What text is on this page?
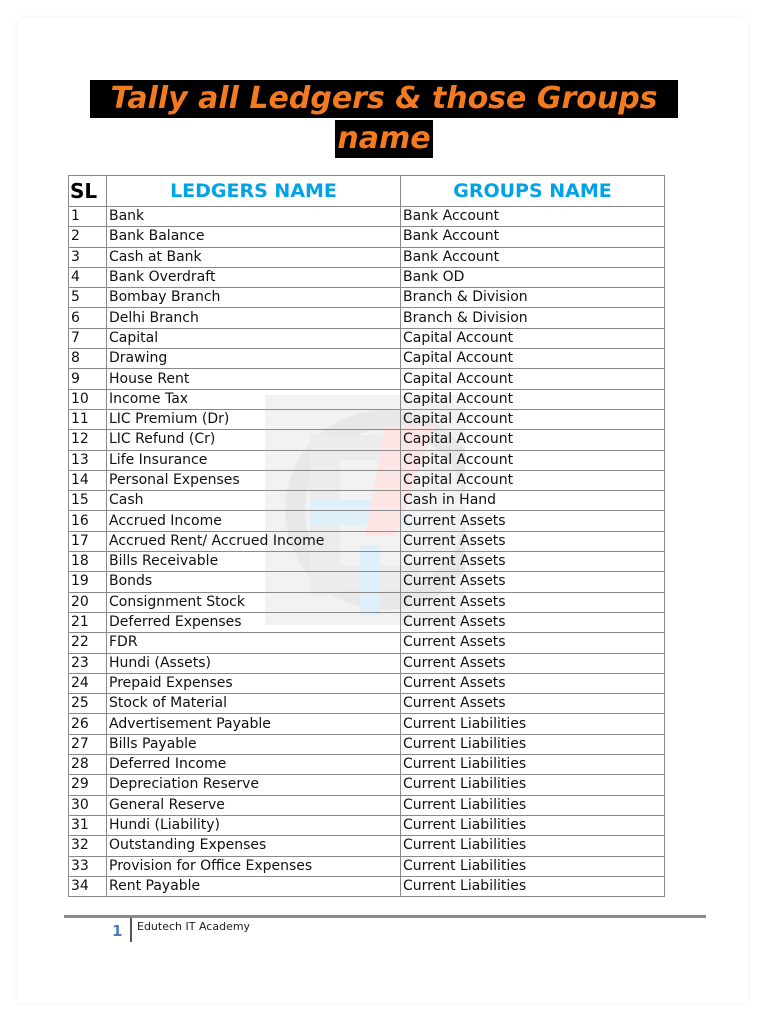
Tally all Ledgers & those Groups
name
SL	LEDGERS NAME	GROUPS NAME
1	Bank	Bank Account
2	Bank Balance	Bank Account
3	Cash at Bank	Bank Account
4	Bank Overdraft	Bank OD
5	Bombay Branch	Branch & Division
6	Delhi Branch	Branch & Division
7	Capital	Capital Account
8	Drawing	Capital Account
9	House Rent	Capital Account
10	Income Tax	Capital Account
11	LIC Premium (Dr)	Capital Account
12	LIC Refund (Cr)	Capital Account
13	Life Insurance	Capital Account
14	Personal Expenses	Capital Account
15	Cash	Cash in Hand
16	Accrued Income	Current Assets
17	Accrued Rent/ Accrued Income	Current Assets
18	Bills Receivable	Current Assets
19	Bonds	Current Assets
20	Consignment Stock	Current Assets
21	Deferred Expenses	Current Assets
22	FDR	Current Assets
23	Hundi (Assets)	Current Assets
24	Prepaid Expenses	Current Assets
25	Stock of Material	Current Assets
26	Advertisement Payable	Current Liabilities
27	Bills Payable	Current Liabilities
28	Deferred Income	Current Liabilities
29	Depreciation Reserve	Current Liabilities
30	General Reserve	Current Liabilities
31	Hundi (Liability)	Current Liabilities
32	Outstanding Expenses	Current Liabilities
33	Provision for Office Expenses	Current Liabilities
34	Rent Payable	Current Liabilities
1 Edutech IT Academy
